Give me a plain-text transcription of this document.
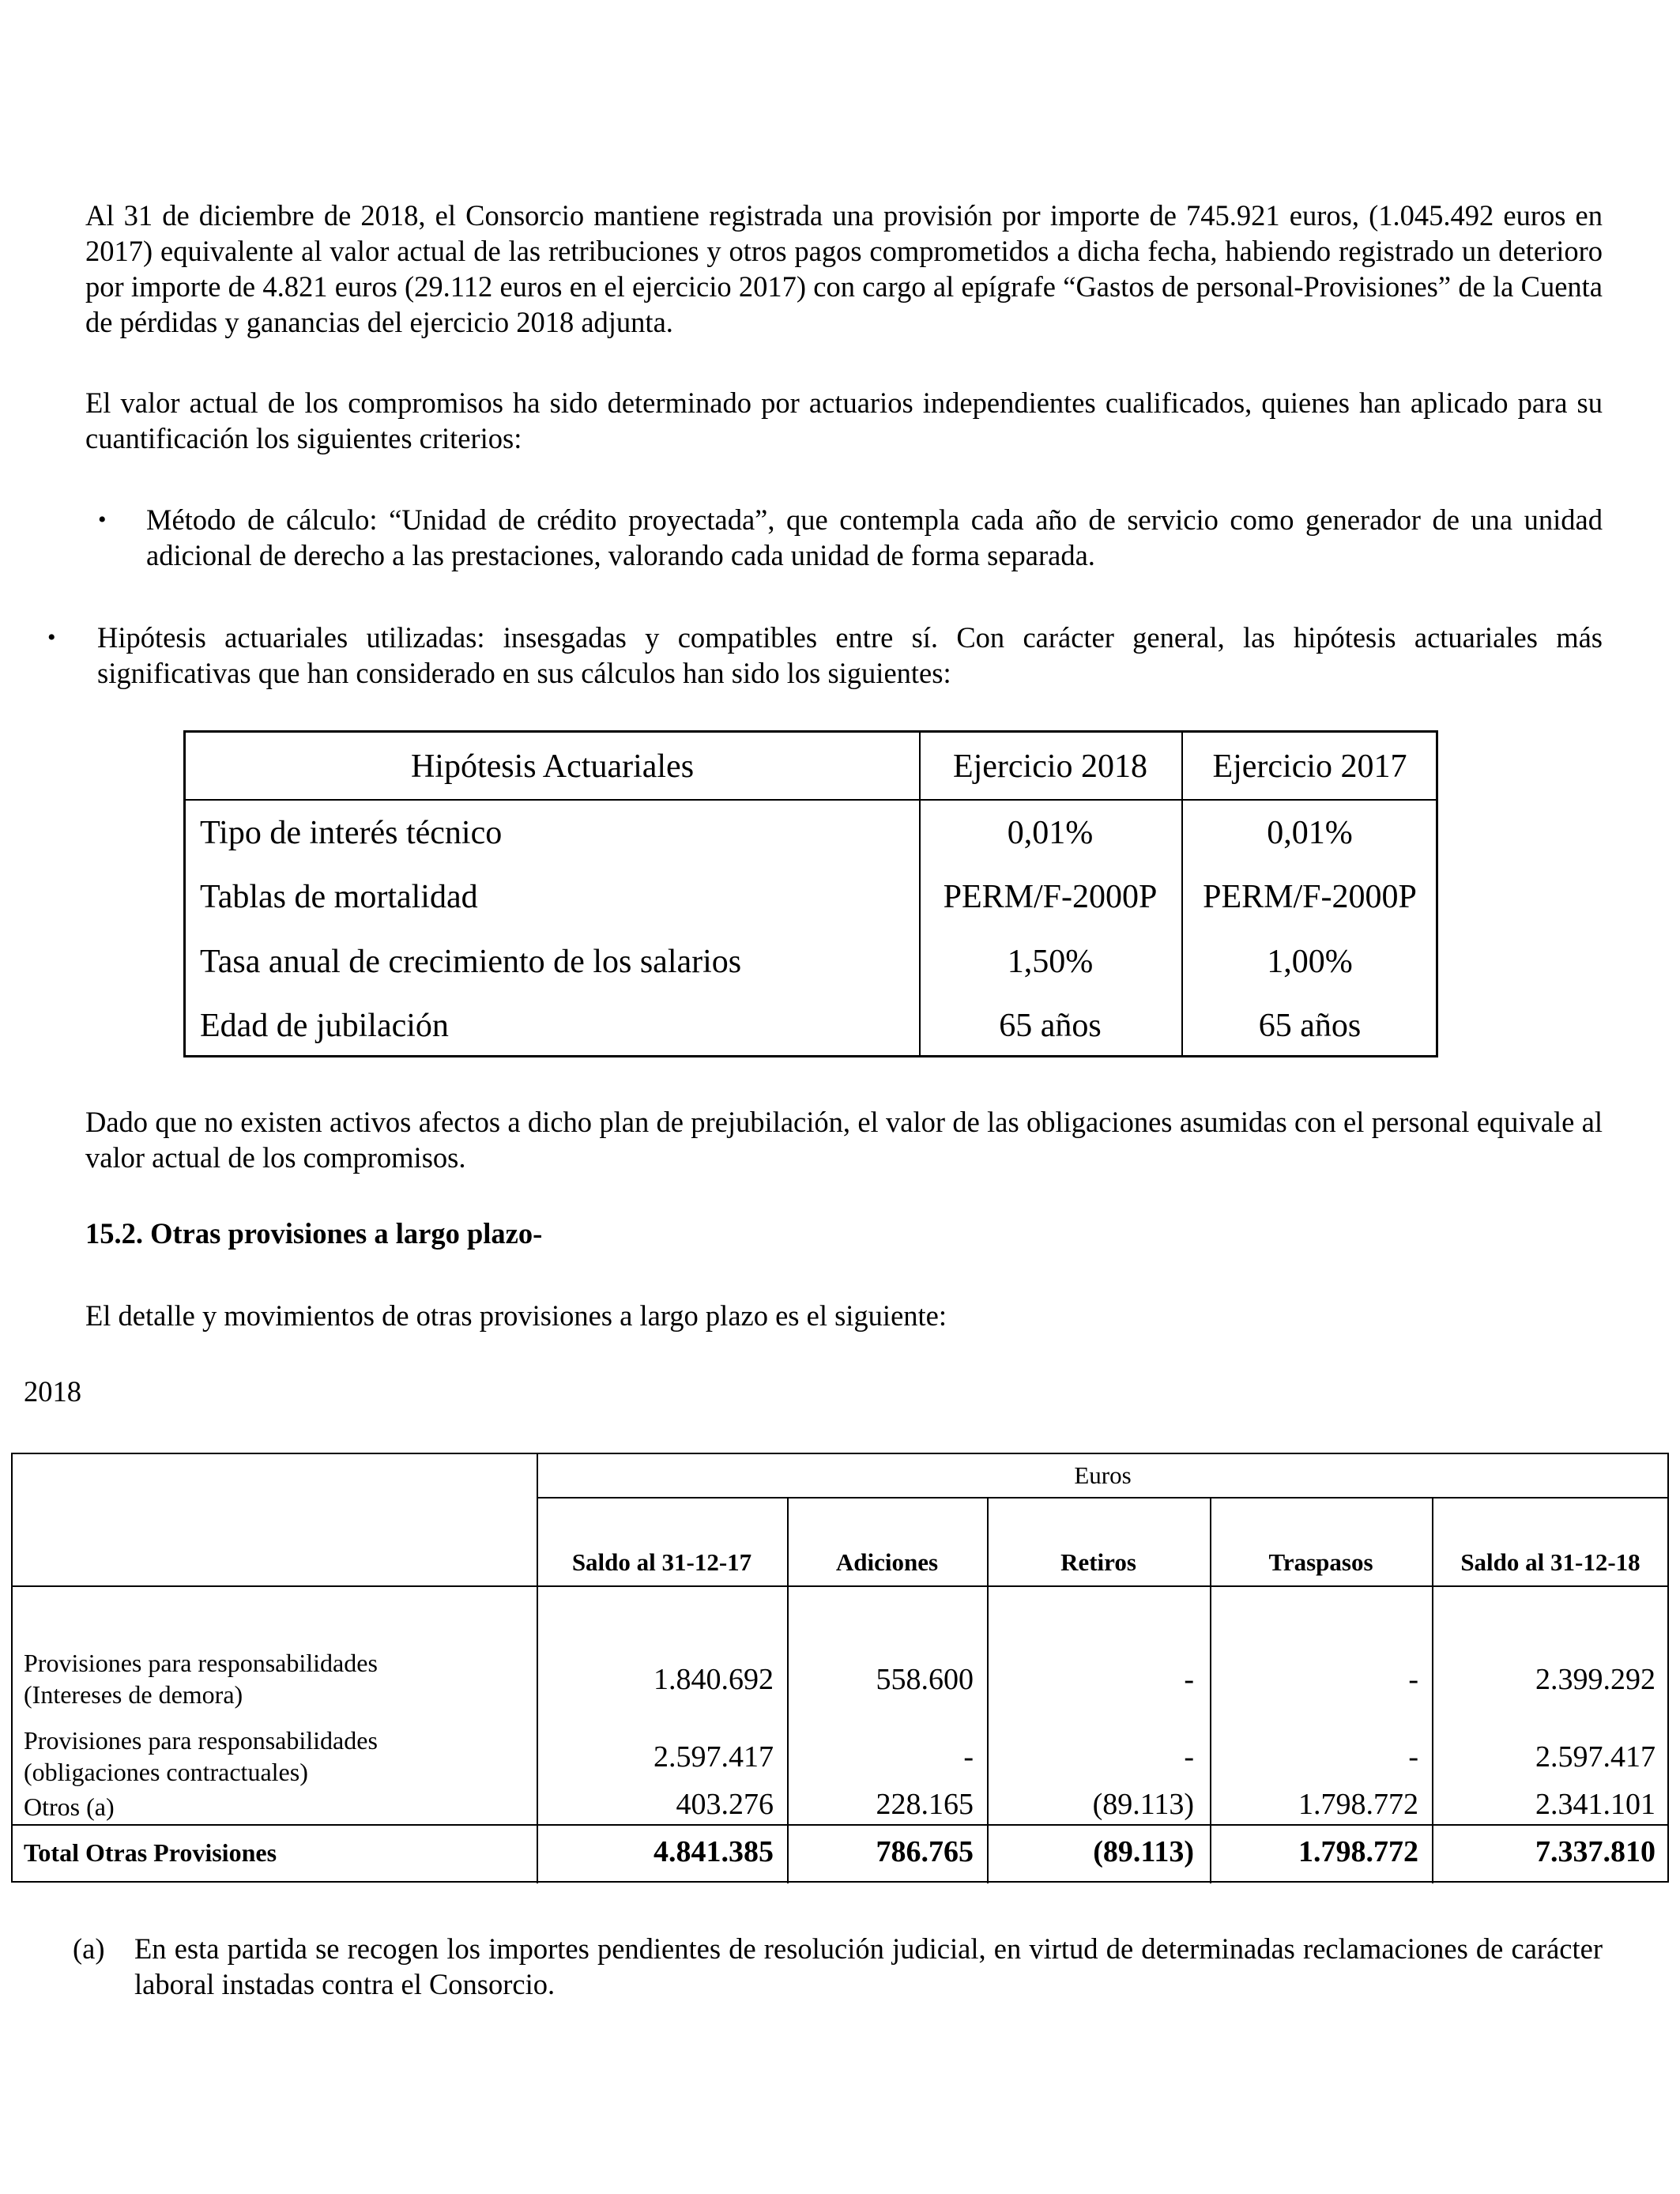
Al 31 de diciembre de 2018, el Consorcio mantiene registrada una provisión por importe de 745.921 euros, (1.045.492 euros en 2017) equivalente al valor actual de las retribuciones y otros pagos comprometidos a dicha fecha, habiendo registrado un deterioro por importe de 4.821 euros (29.112 euros en el ejercicio 2017) con cargo al epígrafe “Gastos de personal-Provisiones” de la Cuenta de pérdidas y ganancias del ejercicio 2018 adjunta.

El valor actual de los compromisos ha sido determinado por actuarios independientes cualificados, quienes han aplicado para su cuantificación los siguientes criterios:

• Método de cálculo: “Unidad de crédito proyectada”, que contempla cada año de servicio como generador de una unidad adicional de derecho a las prestaciones, valorando cada unidad de forma separada.

• Hipótesis actuariales utilizadas: insesgadas y compatibles entre sí. Con carácter general, las hipótesis actuariales más significativas que han considerado en sus cálculos han sido los siguientes:

Hipótesis Actuariales	Ejercicio 2018	Ejercicio 2017
Tipo de interés técnico	0,01%	0,01%
Tablas de mortalidad	PERM/F-2000P	PERM/F-2000P
Tasa anual de crecimiento de los salarios	1,50%	1,00%
Edad de jubilación	65 años	65 años

Dado que no existen activos afectos a dicho plan de prejubilación, el valor de las obligaciones asumidas con el personal equivale al valor actual de los compromisos.

15.2. Otras provisiones a largo plazo-

El detalle y movimientos de otras provisiones a largo plazo es el siguiente:

2018
Euros
Saldo al 31-12-17	Adiciones	Retiros	Traspasos	Saldo al 31-12-18
Provisiones para responsabilidades
(Intereses de demora)	1.840.692	558.600	-	-	2.399.292
Provisiones para responsabilidades
(obligaciones contractuales)	2.597.417	-	-	-	2.597.417
Otros (a)	403.276	228.165	(89.113)	1.798.772	2.341.101
Total Otras Provisiones	4.841.385	786.765	(89.113)	1.798.772	7.337.810
(a) En esta partida se recogen los importes pendientes de resolución judicial, en virtud de determinadas reclamaciones de carácter laboral instadas contra el Consorcio.
